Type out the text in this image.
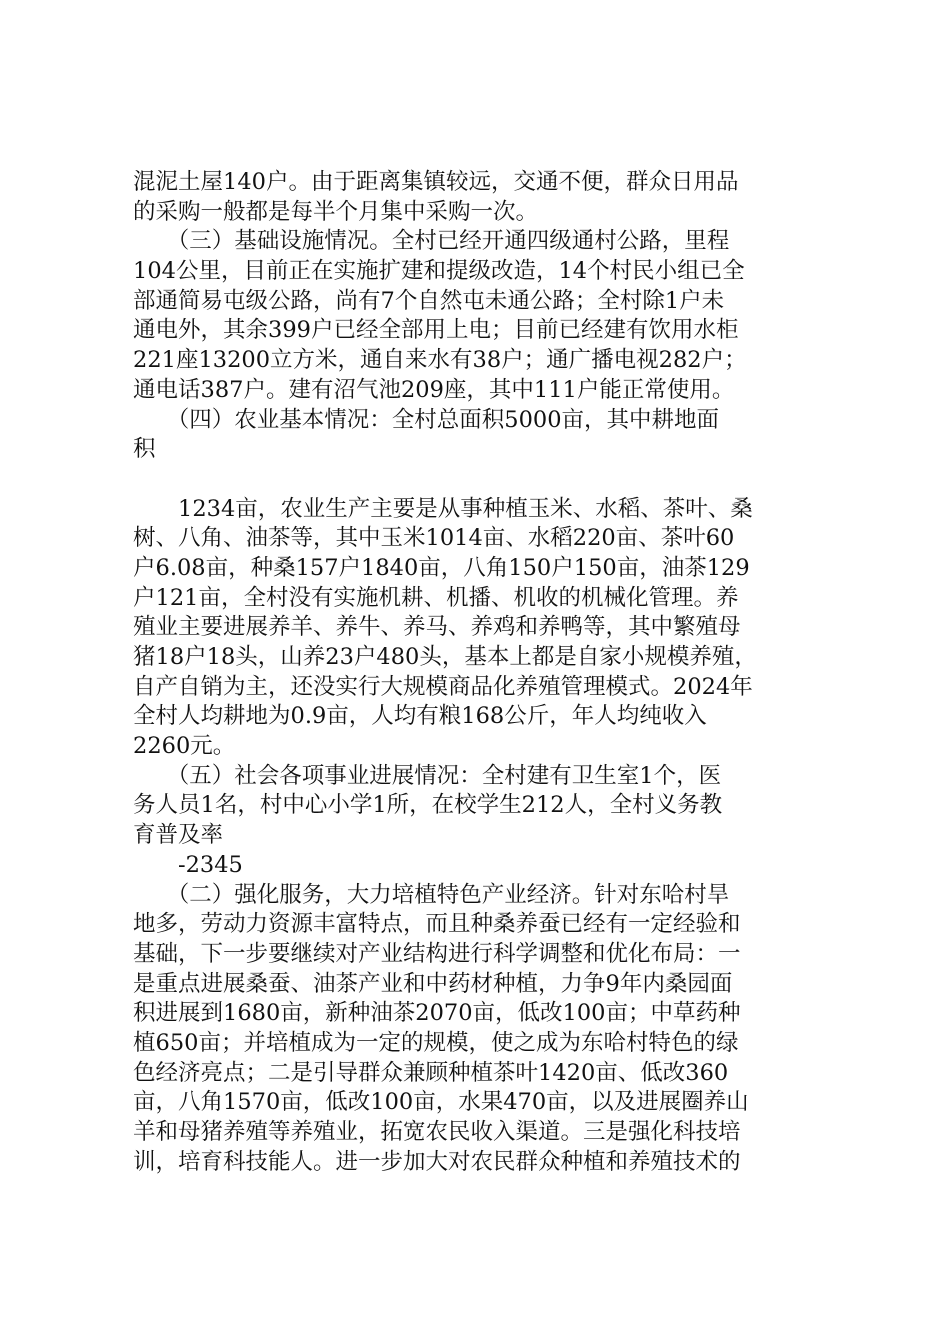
混泥土屋140户。由于距离集镇较远，交通不便，群众日用品
的采购一般都是每半个月集中采购一次。
　　（三）基础设施情况。全村已经开通四级通村公路，里程
104公里，目前正在实施扩建和提级改造，14个村民小组已全
部通简易屯级公路，尚有7个自然屯未通公路；全村除1户未
通电外，其余399户已经全部用上电；目前已经建有饮用水柜
221座13200立方米，通自来水有38户；通广播电视282户；
通电话387户。建有沼气池209座，其中111户能正常使用。
　　（四）农业基本情况：全村总面积5000亩，其中耕地面
积
　　1234亩，农业生产主要是从事种植玉米、水稻、茶叶、桑
树、八角、油茶等，其中玉米1014亩、水稻220亩、茶叶60
户6.08亩，种桑157户1840亩，八角150户150亩，油茶129
户121亩，全村没有实施机耕、机播、机收的机械化管理。养
殖业主要进展养羊、养牛、养马、养鸡和养鸭等，其中繁殖母
猪18户18头，山养23户480头，基本上都是自家小规模养殖，
自产自销为主，还没实行大规模商品化养殖管理模式。2024年
全村人均耕地为0.9亩，人均有粮168公斤，年人均纯收入
2260元。
　　（五）社会各项事业进展情况：全村建有卫生室1个，医
务人员1名，村中心小学1所，在校学生212人，全村义务教
育普及率
　　-2345
　　（二）强化服务，大力培植特色产业经济。针对东哈村旱
地多，劳动力资源丰富特点，而且种桑养蚕已经有一定经验和
基础，下一步要继续对产业结构进行科学调整和优化布局：一
是重点进展桑蚕、油茶产业和中药材种植，力争9年内桑园面
积进展到1680亩，新种油茶2070亩，低改100亩；中草药种
植650亩；并培植成为一定的规模，使之成为东哈村特色的绿
色经济亮点；二是引导群众兼顾种植茶叶1420亩、低改360
亩，八角1570亩，低改100亩，水果470亩，以及进展圈养山
羊和母猪养殖等养殖业，拓宽农民收入渠道。三是强化科技培
训，培育科技能人。进一步加大对农民群众种植和养殖技术的
